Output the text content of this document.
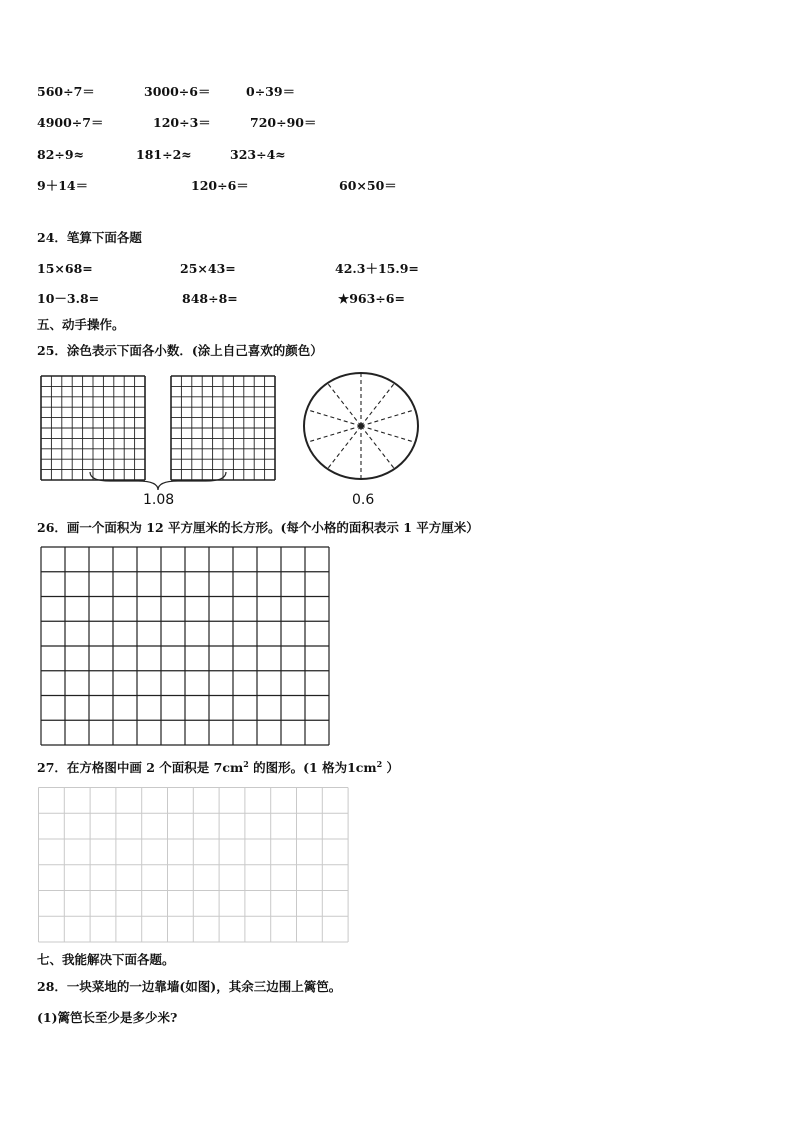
560÷7＝	3000÷6＝	0÷39＝
4900÷7＝	120÷3＝	720÷90＝
82÷9≈	181÷2≈	323÷4≈
9＋14＝	120÷6＝	60×50＝
24．笔算下面各题
15×68=	25×43=	42.3＋15.9=
10－3.8=	848÷8=	★963÷6=
五、动手操作。
25．涂色表示下面各小数．(涂上自己喜欢的颜色）
1.08	0.6
26．画一个面积为 12 平方厘米的长方形。(每个小格的面积表示 1 平方厘米）
27．在方格图中画 2 个面积是 $7cm^2$ 的图形。(1 格为$1cm^2$ ）
七、我能解决下面各题。
28．一块菜地的一边靠墙(如图)，其余三边围上篱笆。
(1)篱笆长至少是多少米?
